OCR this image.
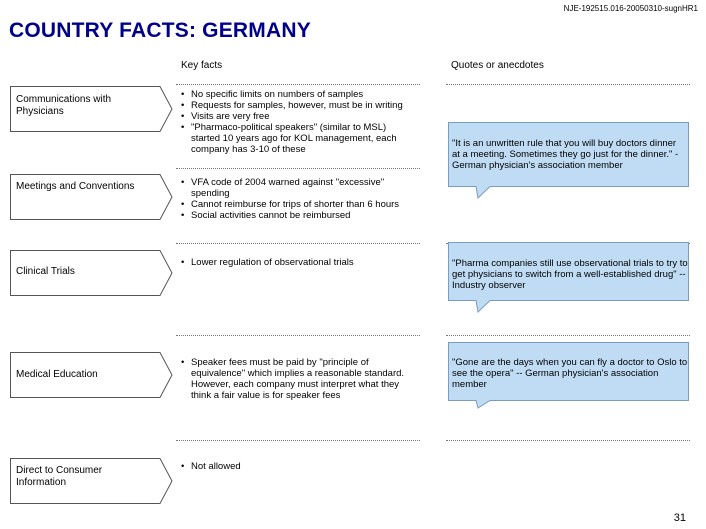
NJE-192515.016-20050310-sugnHR1
COUNTRY FACTS: GERMANY
Key facts	Quotes or anecdotes
Communications with Physicians
Meetings and Conventions
Clinical Trials
Medical Education
Direct to Consumer Information
• No specific limits on numbers of samples
• Requests for samples, however, must be in writing
• Visits are very free
• "Pharmaco-political speakers" (similar to MSL) started 10 years ago for KOL management, each company has 3-10 of these
• VFA code of 2004 warned against "excessive" spending
• Cannot reimburse for trips of shorter than 6 hours
• Social activities cannot be reimbursed
• Lower regulation of observational trials
• Speaker fees must be paid by "principle of equivalence" which implies a reasonable standard. However, each company must interpret what they think a fair value is for speaker fees
• Not allowed
"It is an unwritten rule that you will buy doctors dinner at a meeting. Sometimes they go just for the dinner." - German physician's association member
"Pharma companies still use observational trials to try to get physicians to switch from a well-established drug" -- Industry observer
"Gone are the days when you can fly a doctor to Oslo to see the opera" -- German physician's association member
31
